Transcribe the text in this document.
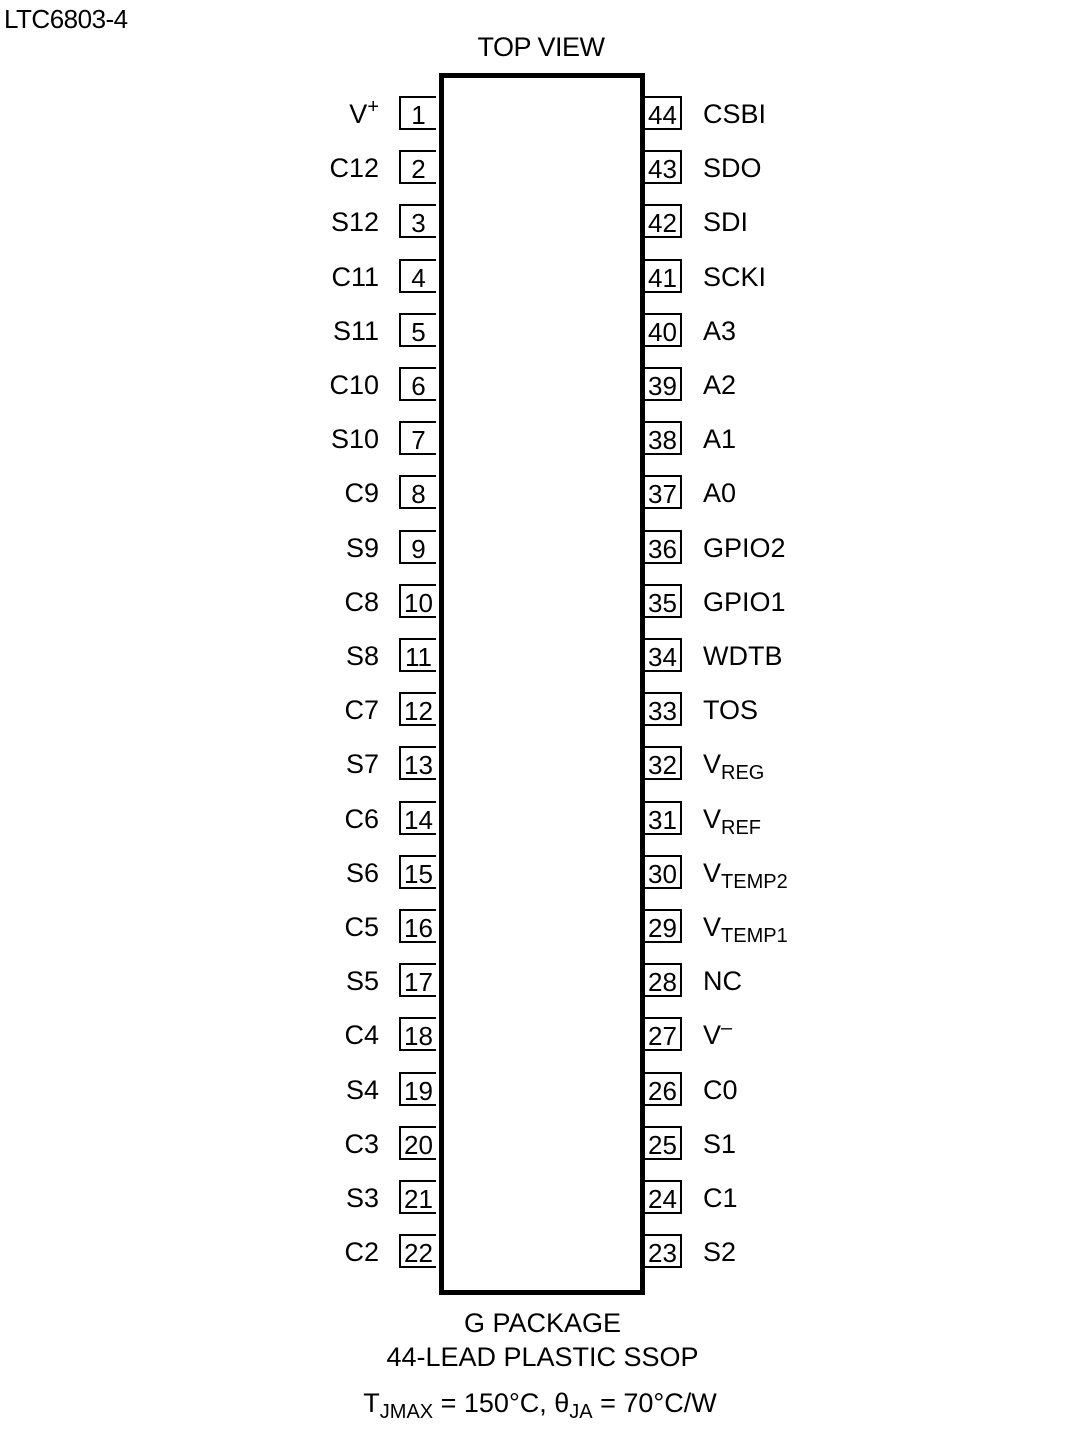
LTC6803-4
TOP VIEW
1
V+
2
C12
3
S12
4
C11
5
S11
6
C10
7
S10
8
C9
9
S9
10
C8
11
S8
12
C7
13
S7
14
C6
15
S6
16
C5
17
S5
18
C4
19
S4
20
C3
21
S3
22
C2
44 CSBI
43 SDO
42 SDI
41 SCKI
40 A3
39 A2
38 A1
37 A0
36 GPIO2
35 GPIO1
34 WDTB
33 TOS
32 $V_{REG}$
31 $V_{REF}$
30 $V_{TEMP2}$
29 $V_{TEMP1}$
28 NC
27 V–
26 C0
25 S1
24 C1
23 S2
G PACKAGE
44-LEAD PLASTIC SSOP
$T_{JMAX} = 150^\circ C$, $\theta_{JA} = 70^\circ C/W$
